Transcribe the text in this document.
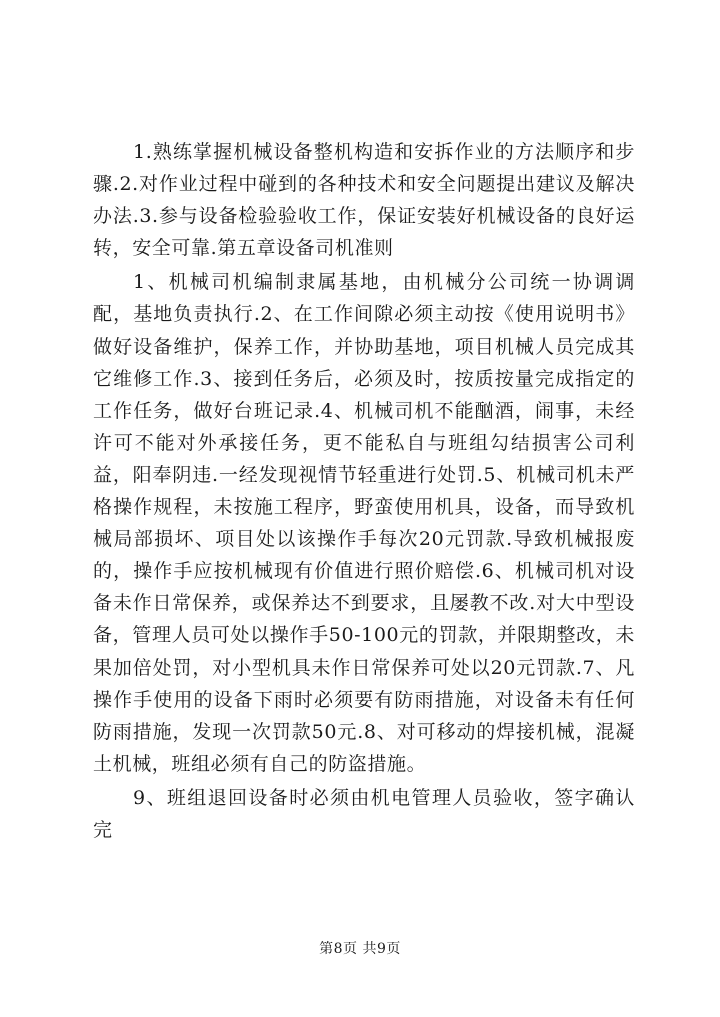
1.熟练掌握机械设备整机构造和安拆作业的方法顺序和步骤.2.对作业过程中碰到的各种技术和安全问题提出建议及解决办法.3.参与设备检验验收工作，保证安装好机械设备的良好运转，安全可靠.第五章设备司机准则

1、机械司机编制隶属基地，由机械分公司统一协调调配，基地负责执行.2、在工作间隙必须主动按《使用说明书》做好设备维护，保养工作，并协助基地，项目机械人员完成其它维修工作.3、接到任务后，必须及时，按质按量完成指定的工作任务，做好台班记录.4、机械司机不能酗酒，闹事，未经许可不能对外承接任务，更不能私自与班组勾结损害公司利益，阳奉阴违.一经发现视情节轻重进行处罚.5、机械司机未严格操作规程，未按施工程序，野蛮使用机具，设备，而导致机械局部损坏、项目处以该操作手每次20元罚款.导致机械报废的，操作手应按机械现有价值进行照价赔偿.6、机械司机对设备未作日常保养，或保养达不到要求，且屡教不改.对大中型设备，管理人员可处以操作手50-100元的罚款，并限期整改，未果加倍处罚，对小型机具未作日常保养可处以20元罚款.7、凡操作手使用的设备下雨时必须要有防雨措施，对设备未有任何防雨措施，发现一次罚款50元.8、对可移动的焊接机械，混凝土机械，班组必须有自己的防盗措施。

9、班组退回设备时必须由机电管理人员验收，签字确认完

第8页 共9页
